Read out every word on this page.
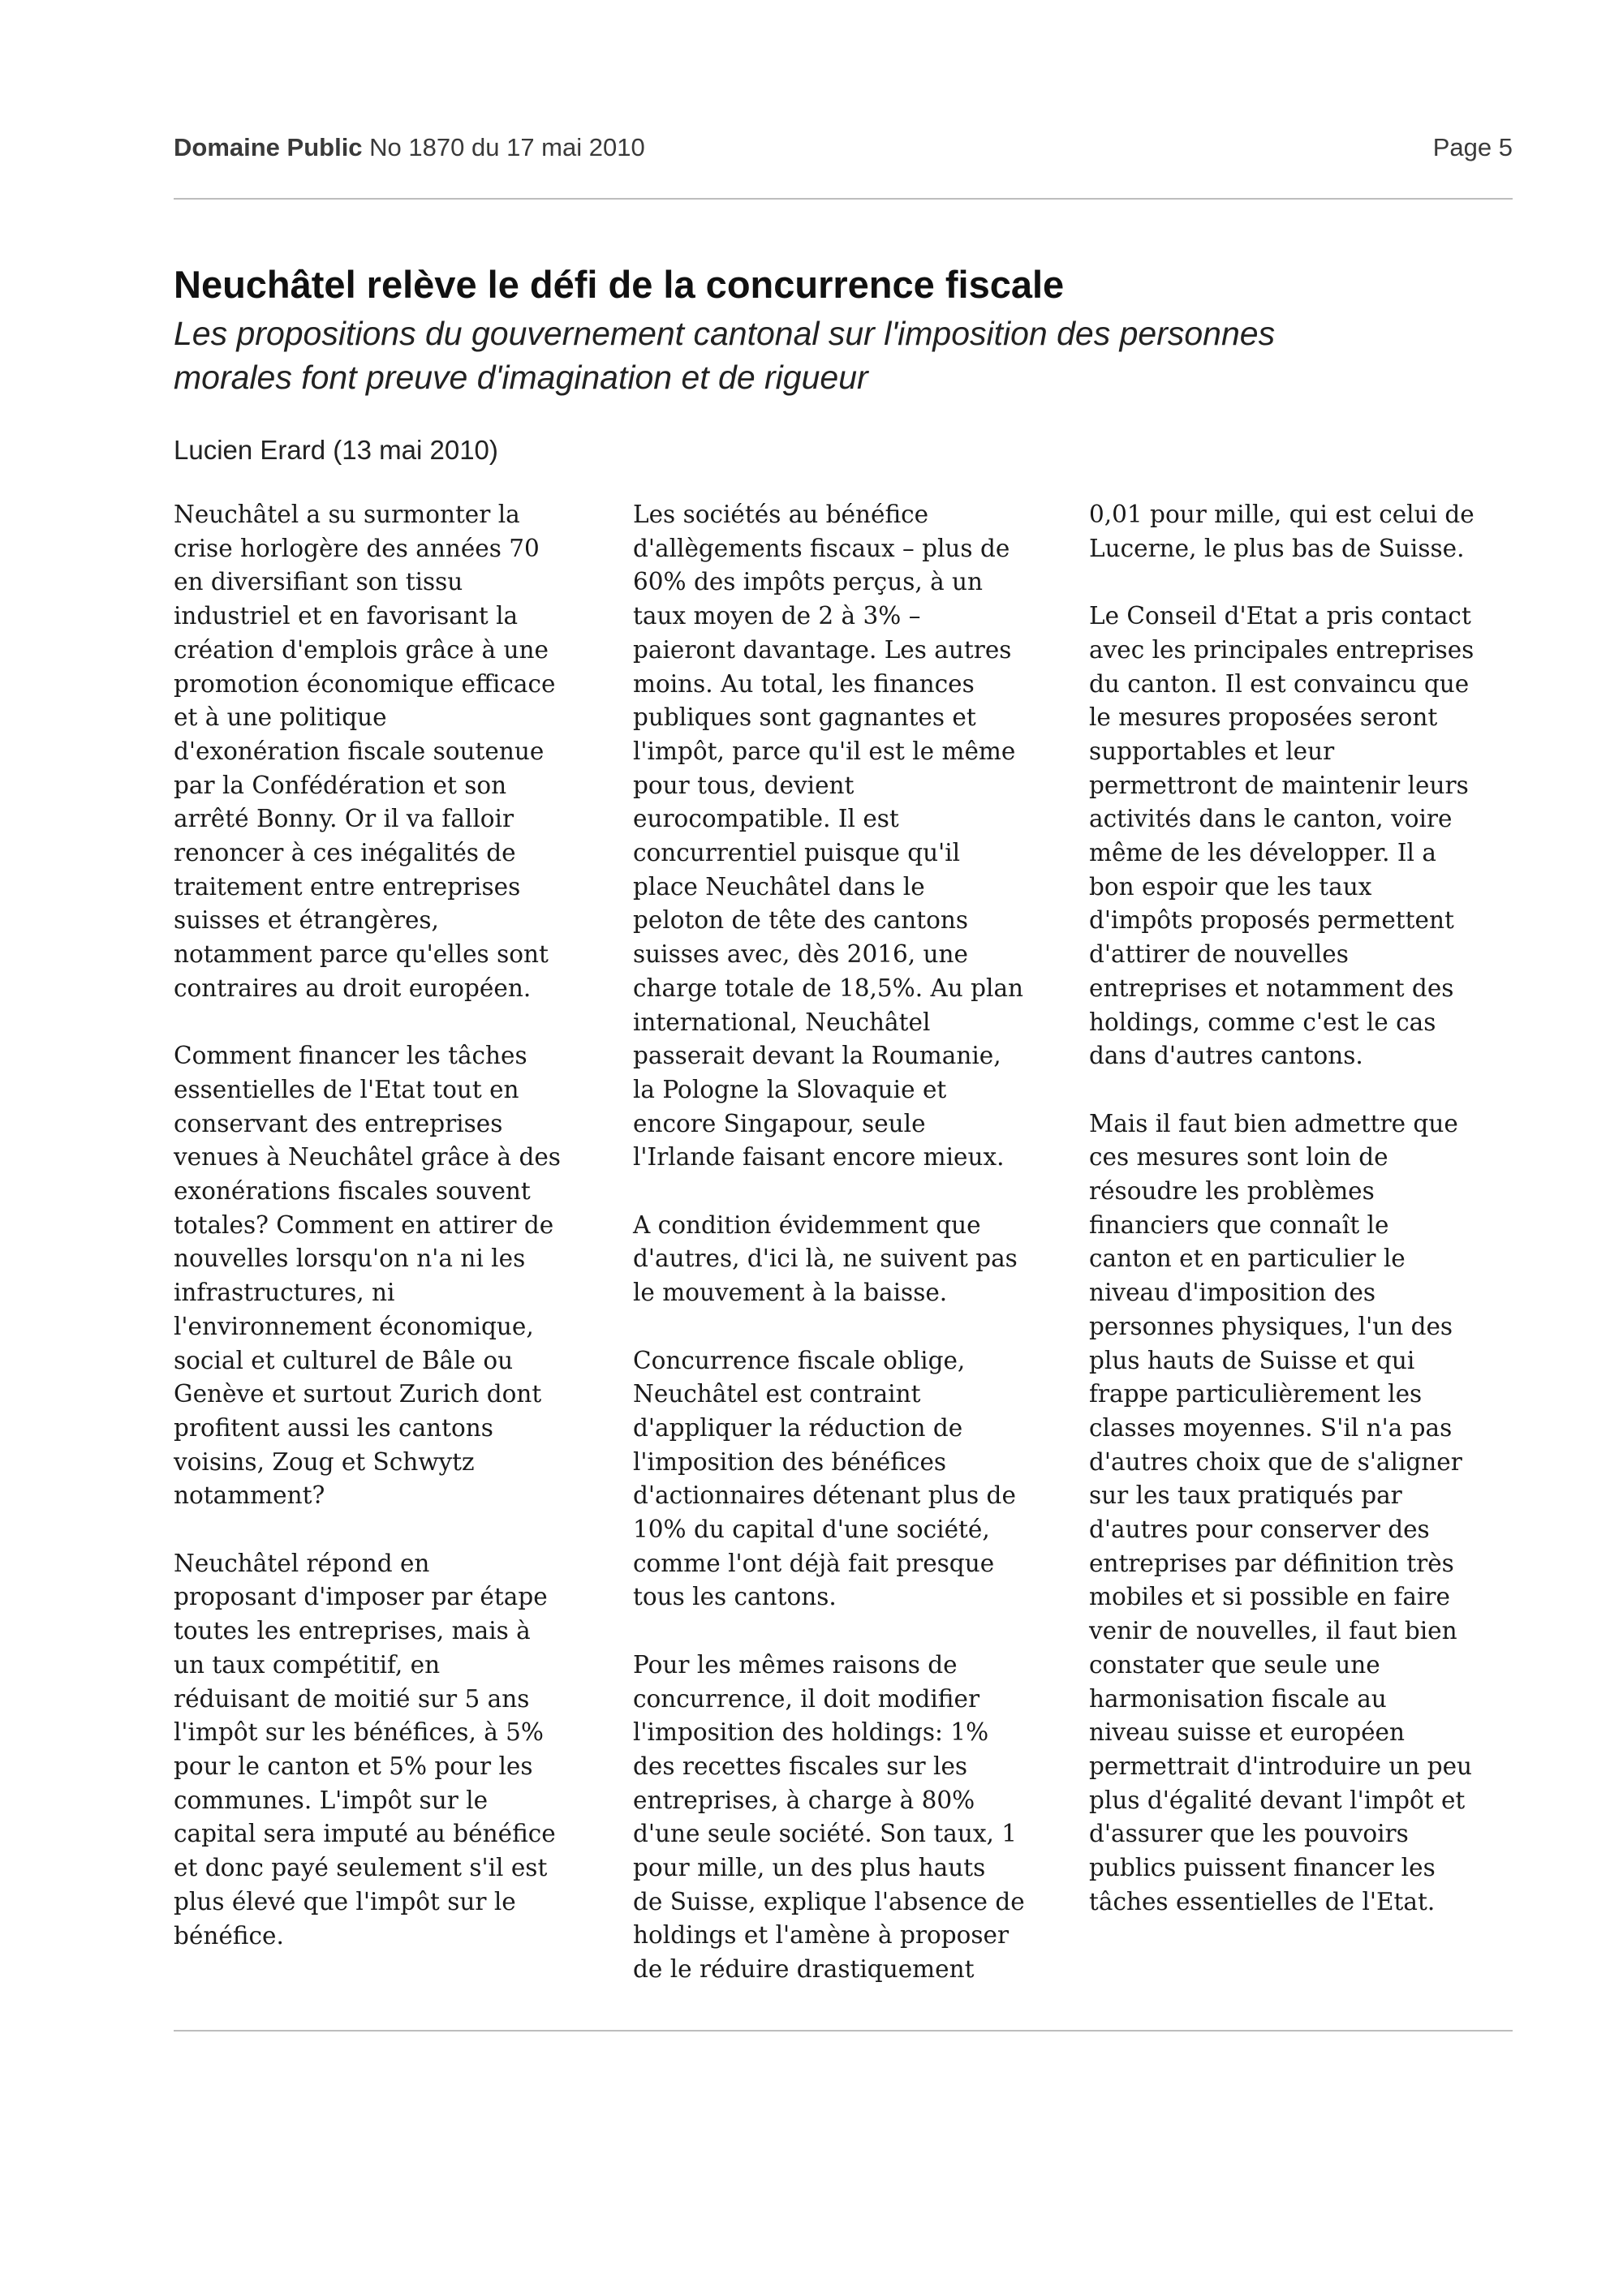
Domaine Public No 1870 du 17 mai 2010	Page 5
Neuchâtel relève le défi de la concurrence fiscale
Les propositions du gouvernement cantonal sur l'imposition des personnes
morales font preuve d'imagination et de rigueur
Lucien Erard (13 mai 2010)
Neuchâtel a su surmonter la
crise horlogère des années 70
en diversifiant son tissu
industriel et en favorisant la
création d'emplois grâce à une
promotion économique efficace
et à une politique
d'exonération fiscale soutenue
par la Confédération et son
arrêté Bonny. Or il va falloir
renoncer à ces inégalités de
traitement entre entreprises
suisses et étrangères,
notamment parce qu'elles sont
contraires au droit européen.
Comment financer les tâches
essentielles de l'Etat tout en
conservant des entreprises
venues à Neuchâtel grâce à des
exonérations fiscales souvent
totales? Comment en attirer de
nouvelles lorsqu'on n'a ni les
infrastructures, ni
l'environnement économique,
social et culturel de Bâle ou
Genève et surtout Zurich dont
profitent aussi les cantons
voisins, Zoug et Schwytz
notamment?
Neuchâtel répond en
proposant d'imposer par étape
toutes les entreprises, mais à
un taux compétitif, en
réduisant de moitié sur 5 ans
l'impôt sur les bénéfices, à 5%
pour le canton et 5% pour les
communes. L'impôt sur le
capital sera imputé au bénéfice
et donc payé seulement s'il est
plus élevé que l'impôt sur le
bénéfice.
Les sociétés au bénéfice
d'allègements fiscaux – plus de
60% des impôts perçus, à un
taux moyen de 2 à 3% –
paieront davantage. Les autres
moins. Au total, les finances
publiques sont gagnantes et
l'impôt, parce qu'il est le même
pour tous, devient
eurocompatible. Il est
concurrentiel puisque qu'il
place Neuchâtel dans le
peloton de tête des cantons
suisses avec, dès 2016, une
charge totale de 18,5%. Au plan
international, Neuchâtel
passerait devant la Roumanie,
la Pologne la Slovaquie et
encore Singapour, seule
l'Irlande faisant encore mieux.
A condition évidemment que
d'autres, d'ici là, ne suivent pas
le mouvement à la baisse.
Concurrence fiscale oblige,
Neuchâtel est contraint
d'appliquer la réduction de
l'imposition des bénéfices
d'actionnaires détenant plus de
10% du capital d'une société,
comme l'ont déjà fait presque
tous les cantons.
Pour les mêmes raisons de
concurrence, il doit modifier
l'imposition des holdings: 1%
des recettes fiscales sur les
entreprises, à charge à 80%
d'une seule société. Son taux, 1
pour mille, un des plus hauts
de Suisse, explique l'absence de
holdings et l'amène à proposer
de le réduire drastiquement
0,01 pour mille, qui est celui de
Lucerne, le plus bas de Suisse.
Le Conseil d'Etat a pris contact
avec les principales entreprises
du canton. Il est convaincu que
le mesures proposées seront
supportables et leur
permettront de maintenir leurs
activités dans le canton, voire
même de les développer. Il a
bon espoir que les taux
d'impôts proposés permettent
d'attirer de nouvelles
entreprises et notamment des
holdings, comme c'est le cas
dans d'autres cantons.
Mais il faut bien admettre que
ces mesures sont loin de
résoudre les problèmes
financiers que connaît le
canton et en particulier le
niveau d'imposition des
personnes physiques, l'un des
plus hauts de Suisse et qui
frappe particulièrement les
classes moyennes. S'il n'a pas
d'autres choix que de s'aligner
sur les taux pratiqués par
d'autres pour conserver des
entreprises par définition très
mobiles et si possible en faire
venir de nouvelles, il faut bien
constater que seule une
harmonisation fiscale au
niveau suisse et européen
permettrait d'introduire un peu
plus d'égalité devant l'impôt et
d'assurer que les pouvoirs
publics puissent financer les
tâches essentielles de l'Etat.
